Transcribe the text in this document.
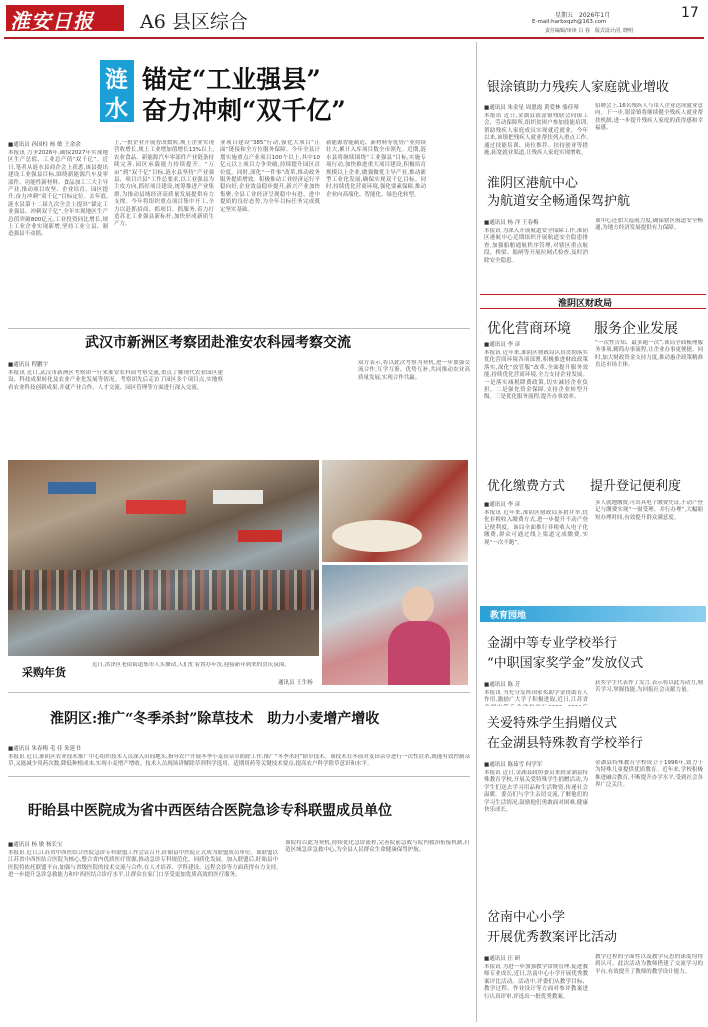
淮安日报 A6 县区综合	星期五　2026年1月	17
E-mail:harbxqzh@163.com
责任编辑/审读 白 春　版式设计/孔 晓明
涟
水
锚定“工业强县”
奋力冲刺“双千亿”
■通讯员 孙国柱 杨 敏 王余余
本报讯 力争2026年,确保2027年实现地区生产总值、工业总产值“双千亿”。近日,笔者从涟水县商企会上获悉,该县提出建设工业强县目标,围绕新能源汽车及零部件、功能性新材料、食品加工三大主导产业,推动项目攻坚、企业培育、园区提升,奋力冲刺“双千亿”目标定位。去年底,涟水县第十二届九次全会上提出“锚定工业强县、冲刺双千亿”,全年实现地区生产总值突破800亿元,工业投资同比增长,规上工业企业实现新增,坚持工业立县、制造强县不动摇。
上,一批企业开展智改数转,规上企业实现营收增长,规上工业增加值增长13%以上,农业食品、新能源汽车零部件产业链条持续完善,园区承载能力持续提升。“万亩”到“双千亿”目标,涟水县坚持“产业强县、项目兴县”工作总要求,以工业强县为主攻方向,抓好项目建设,统筹推进产业集群,为推动县域经济高质量发展提供有力支撑。今年将组织重点项目集中开工,全力以赴抓招商、抓项目、抓服务,着力打造苏北工业强县新标杆,加快形成新质生产力。
业项目建设“385”行动,强化大项目“正面”链接和全方位服务保障。今年全县计划实施重点产业项目100个以上,其中10亿元以上项目力争突破,持续提升园区首位度。同时,深化“一件事”改革,推动政务服务提质增效。积极推动工业经济运行平稳向好,企业效益稳步提升,新兴产业加快集聚,全县工业经济呈现稳中有进、进中提质的良好态势,为全年目标任务完成奠定坚实基础。
新能源智能制造、新材料等优势产业持续壮大,累计入库项目数全市领先。近期,涟水县将继续围绕“工业强县”目标,实施专项行动,加快推进重大项目建设,积极培育规模以上企业,做强做优主导产业,推动新型工业化发展,确保实现双千亿目标。同时,持续优化营商环境,强化要素保障,推动企业向高端化、智能化、绿色化转型。
银涂镇助力残疾人家庭就业增收
■通讯员 朱金星 周恩霞 黄爱林 骆佳琴
本报讯 近日,金湖县银涂镇残联会同镇工会、劳动保障所,组织贫困户参加技能培训,帮助残疾人家庭成员实现就近就业。今年以来,该镇把残疾人就业帮扶列入重点工作,通过技能培训、岗位推荐、扶持创业等措施,拓宽就业渠道,让残疾人家庭实现增收。
招聘会上,16名残疾人与用人企业达成就业意向。下一步,银涂镇将继续健全残疾人就业帮扶机制,进一步提升残疾人家庭的获得感和幸福感。
淮阴区港航中心
为航道安全畅通保驾护航
■通讯员 杨 洋 王春梅
本报讯 为深入开展航道安全保障工作,淮阴区港航中心近期组织开展航道安全隐患排查,加强船舶通航秩序管理,对辖区重点航段、桥梁、船闸等开展拉网式检查,及时消除安全隐患。
该中心还加大巡航力度,确保辖区航道安全畅通,为地方经济发展提供有力保障。
淮阴区财政局
优化营商环境 服务企业发展
■通讯员 李 彦
本报讯 近年来,淮阴区财政局认真贯彻落实优化营商环境各项部署,积极推进财政政策落实,深化“放管服”改革,全面提升服务效能,持续优化营商环境,全力支持企业发展。一是落实减税降费政策,切实减轻企业负担。二是强化资金保障,支持企业转型升级。三是优化服务流程,提升办事效率。
“一次性告知、最多跑一次”,该局全面梳理服务事项,精简办事流程,让企业办事更便捷。同时,加大财政资金支持力度,推动惠企政策精准直达市场主体。
优化缴费方式 提升登记便利度
■通讯员 李 彦
本报讯 近年来,淮阴区财政局多措并举,优化非税收入缴费方式,进一步提升不动产登记便利度。该局全面推行非税收入电子化缴费,群众可通过线上渠道完成缴费,实现“一次不跑”。
多人就地缴费,可出具电子缴费凭证,不动产登记与缴费实现“一窗受理、并行办理”,大幅缩短办理时间,有效提升群众满意度。
教育园地
金湖中等专业学校举行
“中职国家奖学金”发放仪式
■通讯员 陈 芳
本报讯 为充分发挥国家奖助学金资助育人作用,激励广大学子积极进取,近日,江苏省
获奖学生代表作了发言,表示将以此为动力,刻苦学习,掌握技能,为回报社会贡献力量。
关爱特殊学生捐赠仪式
在金湖县特殊教育学校举行
■通讯员 陈茹雪 何学军
本报讯 近日,金湖县政协委员来到金湖县特殊教育学校,开展关爱特殊学生捐赠活动,为学生们送去学习用品和生活物资,传递社会温暖。委员们与学生亲切交流,了解他们的学习生活情况,鼓励他们勇敢面对困难,健康快乐成长。
金湖县特殊教育学校成立于1996年,致力于为特殊儿童提供优质教育。近年来,学校积极推进融合教育,不断提升办学水平,受到社会各界广泛关注。
岔南中心小学
开展优秀教案评比活动
■通讯员 汪 研
本报讯 为进一步加强教学常规管理,促进教师专业成长,近日,岔南中心小学开展优秀教案评比活动。活动中,评委们从教学目标、教学过程、作业设计等方面对参评教案进行认真评审,评选出一批优秀教案。
教学过程的全面性以及教学反思的深度均得到认可。此次活动为教师搭建了交流学习的平台,有效提升了教师的教学设计能力。
武汉市新洲区考察团赴淮安农科园考察交流
■通讯员 程鹏宇
本报讯 近日,武汉市新洲区考察团一行来淮安农科园考察交流,重点了解现代农业园区建设、科技成果转化及农业产业化发展等情况。考察团先后走访了园区多个项目点,实地察看农业科技创新成果,并就产业合作、人才交流、园区管理等方面进行深入交流。
双方表示,将以此次考察为契机,进一步加强交流合作,互学互鉴、优势互补,共同推动农业高质量发展,实现合作共赢。
采购年货
近日,洪泽区老街街道集市人头攒动,人们忙着置办年货,迎接新年到来的喜庆氛围。
通讯员 王生杨
淮阴区:推广“冬季杀封”除草技术　助力小麦增产增收
■通讯员 朱春梅 毛 佳 朱延书
本报讯 近日,淮阴区农业技术推广中心组织技术人员深入田间地头,指导农户开展冬季小麦田杂草防除工作,推广“冬季杀封”除草技术。该技术在冬前对麦田杂草进行一次性封杀,既能有效控制杂草,又能减少用药次数,降低种植成本,实现小麦增产增收。技术人员现场讲解除草剂科学选用、适期用药等关键技术要点,提高农户科学除草意识和水平。
盱眙县中医院成为省中西医结合医院急诊专科联盟成员单位
■通讯员 杨 敏 杨长宝
本报讯 近日,江苏省中西医结合医院急诊专科联盟工作会议召开,盱眙县中医院正式成为联盟成员单位。该联盟以江苏省中西医结合医院为核心,整合省内优质医疗资源,推动急诊专科规范化、同质化发展。加入联盟后,盱眙县中医院将依托联盟平台,加强与省级医院的技术交流与合作,在人才培养、学科建设、远程会诊等方面获得有力支持,进一步提升急诊急救能力和中西医结合诊疗水平,让群众在家门口享受更加优质高效的医疗服务。
该院将以此为契机,持续优化急诊流程,完善院前急救与院内救治衔接机制,打造区域急诊急救中心,为全县人民群众生命健康保驾护航。
